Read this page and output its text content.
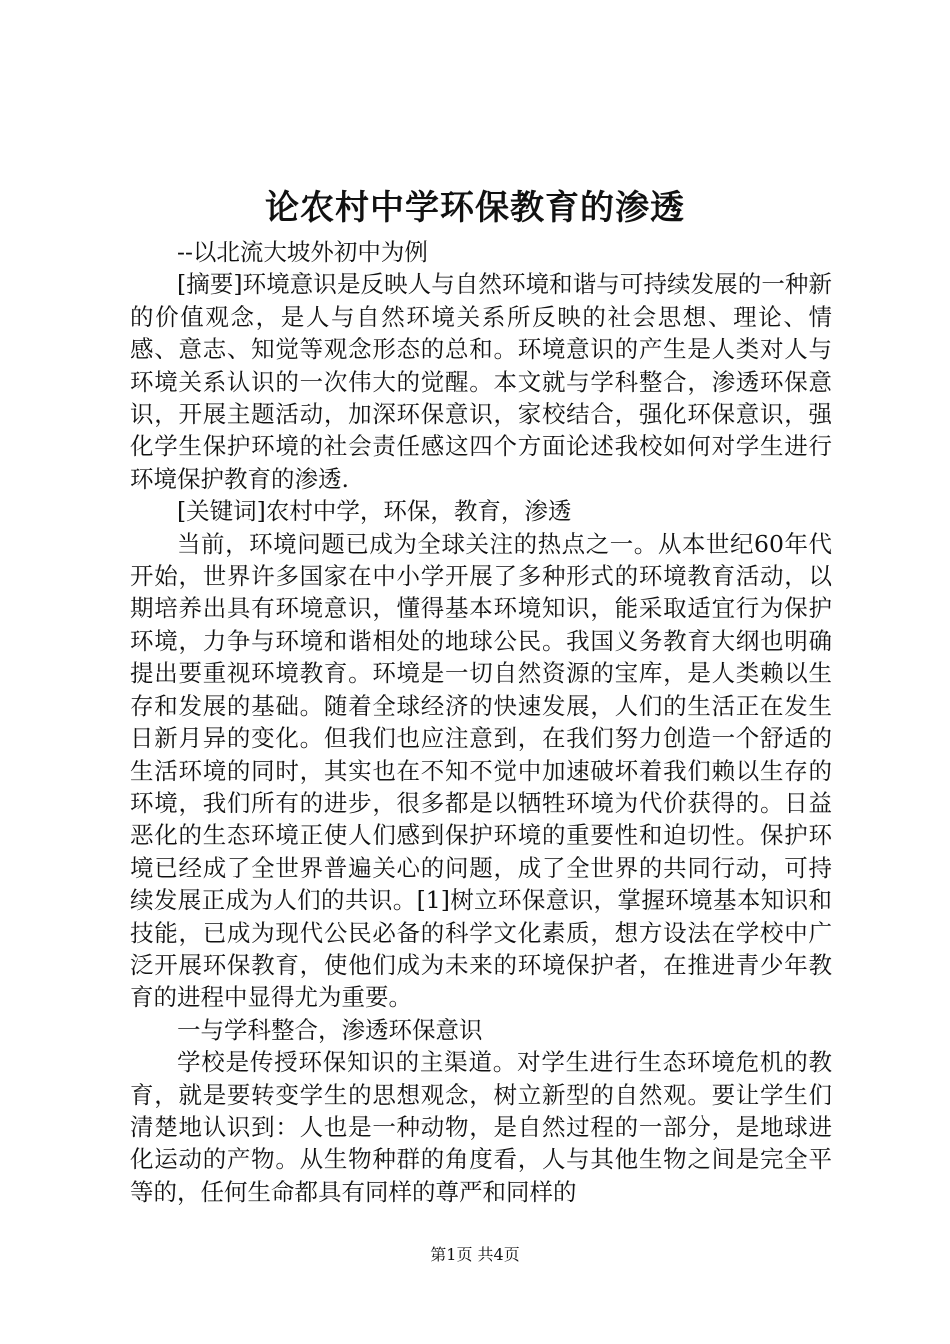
论农村中学环保教育的渗透

--以北流大坡外初中为例

[摘要]环境意识是反映人与自然环境和谐与可持续发展的一种新的价值观念，是人与自然环境关系所反映的社会思想、理论、情感、意志、知觉等观念形态的总和。环境意识的产生是人类对人与环境关系认识的一次伟大的觉醒。本文就与学科整合，渗透环保意识，开展主题活动，加深环保意识，家校结合，强化环保意识，强化学生保护环境的社会责任感这四个方面论述我校如何对学生进行环境保护教育的渗透.

[关键词]农村中学，环保，教育，渗透

当前，环境问题已成为全球关注的热点之一。从本世纪60年代开始，世界许多国家在中小学开展了多种形式的环境教育活动，以期培养出具有环境意识，懂得基本环境知识，能采取适宜行为保护环境，力争与环境和谐相处的地球公民。我国义务教育大纲也明确提出要重视环境教育。环境是一切自然资源的宝库，是人类赖以生存和发展的基础。随着全球经济的快速发展，人们的生活正在发生日新月异的变化。但我们也应注意到，在我们努力创造一个舒适的生活环境的同时，其实也在不知不觉中加速破坏着我们赖以生存的环境，我们所有的进步，很多都是以牺牲环境为代价获得的。日益恶化的生态环境正使人们感到保护环境的重要性和迫切性。保护环境已经成了全世界普遍关心的问题，成了全世界的共同行动，可持续发展正成为人们的共识。[1]树立环保意识，掌握环境基本知识和技能，已成为现代公民必备的科学文化素质，想方设法在学校中广泛开展环保教育，使他们成为未来的环境保护者，在推进青少年教育的进程中显得尤为重要。

一与学科整合，渗透环保意识

学校是传授环保知识的主渠道。对学生进行生态环境危机的教育，就是要转变学生的思想观念，树立新型的自然观。要让学生们清楚地认识到：人也是一种动物，是自然过程的一部分，是地球进化运动的产物。从生物种群的角度看，人与其他生物之间是完全平等的，任何生命都具有同样的尊严和同样的

第1页 共4页
